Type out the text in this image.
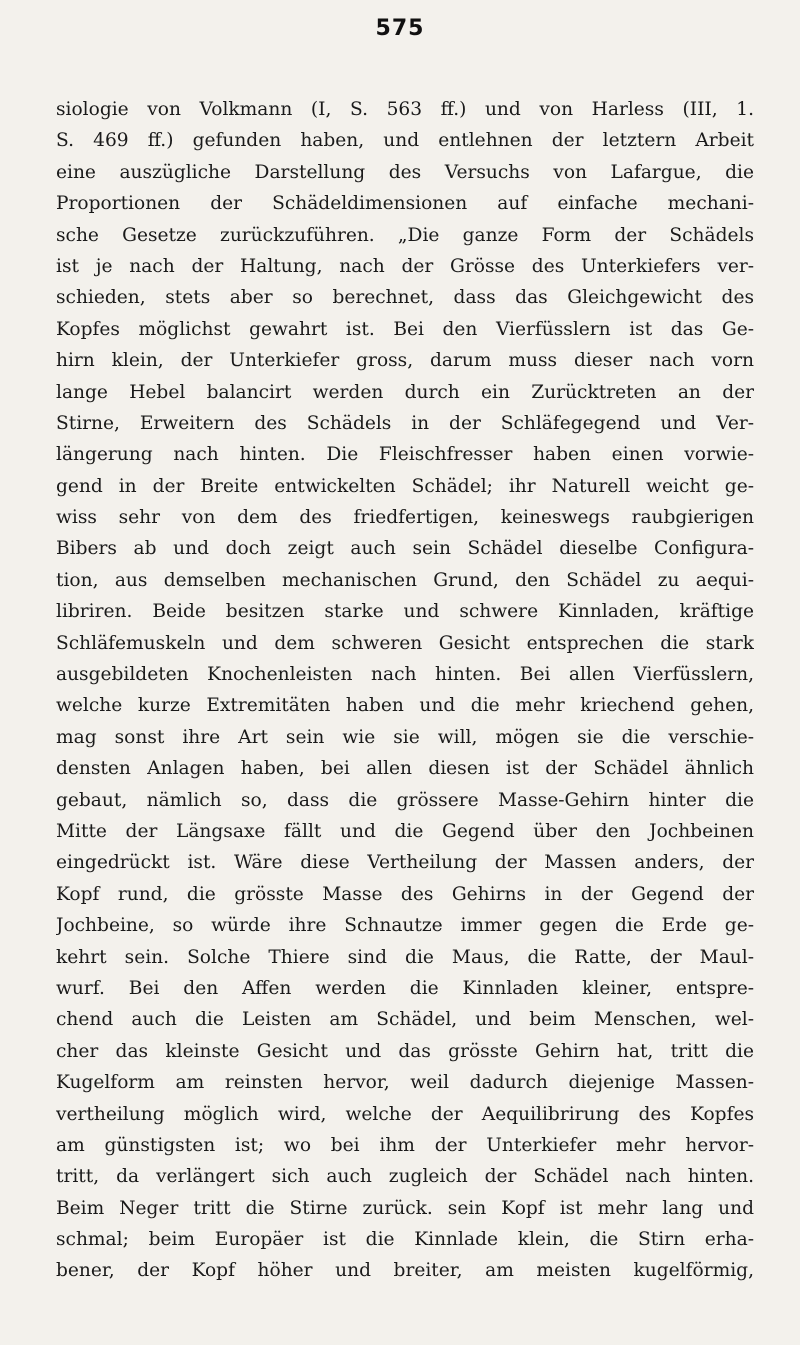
575
siologie von Volkmann (I, S. 563 ff.) und von Harless (III, 1.
S. 469 ff.) gefunden haben, und entlehnen der letztern Arbeit
eine auszügliche Darstellung des Versuchs von Lafargue, die
Proportionen der Schädeldimensionen auf einfache mechani-
sche Gesetze zurückzuführen. „Die ganze Form der Schädels
ist je nach der Haltung, nach der Grösse des Unterkiefers ver-
schieden, stets aber so berechnet, dass das Gleichgewicht des
Kopfes möglichst gewahrt ist. Bei den Vierfüsslern ist das Ge-
hirn klein, der Unterkiefer gross, darum muss dieser nach vorn
lange Hebel balancirt werden durch ein Zurücktreten an der
Stirne, Erweitern des Schädels in der Schläfegegend und Ver-
längerung nach hinten. Die Fleischfresser haben einen vorwie-
gend in der Breite entwickelten Schädel; ihr Naturell weicht ge-
wiss sehr von dem des friedfertigen, keineswegs raubgierigen
Bibers ab und doch zeigt auch sein Schädel dieselbe Configura-
tion, aus demselben mechanischen Grund, den Schädel zu aequi-
libriren. Beide besitzen starke und schwere Kinnladen, kräftige
Schläfemuskeln und dem schweren Gesicht entsprechen die stark
ausgebildeten Knochenleisten nach hinten. Bei allen Vierfüsslern,
welche kurze Extremitäten haben und die mehr kriechend gehen,
mag sonst ihre Art sein wie sie will, mögen sie die verschie-
densten Anlagen haben, bei allen diesen ist der Schädel ähnlich
gebaut, nämlich so, dass die grössere Masse-Gehirn hinter die
Mitte der Längsaxe fällt und die Gegend über den Jochbeinen
eingedrückt ist. Wäre diese Vertheilung der Massen anders, der
Kopf rund, die grösste Masse des Gehirns in der Gegend der
Jochbeine, so würde ihre Schnautze immer gegen die Erde ge-
kehrt sein. Solche Thiere sind die Maus, die Ratte, der Maul-
wurf. Bei den Affen werden die Kinnladen kleiner, entspre-
chend auch die Leisten am Schädel, und beim Menschen, wel-
cher das kleinste Gesicht und das grösste Gehirn hat, tritt die
Kugelform am reinsten hervor, weil dadurch diejenige Massen-
vertheilung möglich wird, welche der Aequilibrirung des Kopfes
am günstigsten ist; wo bei ihm der Unterkiefer mehr hervor-
tritt, da verlängert sich auch zugleich der Schädel nach hinten.
Beim Neger tritt die Stirne zurück. sein Kopf ist mehr lang und
schmal; beim Europäer ist die Kinnlade klein, die Stirn erha-
bener, der Kopf höher und breiter, am meisten kugelförmig,
